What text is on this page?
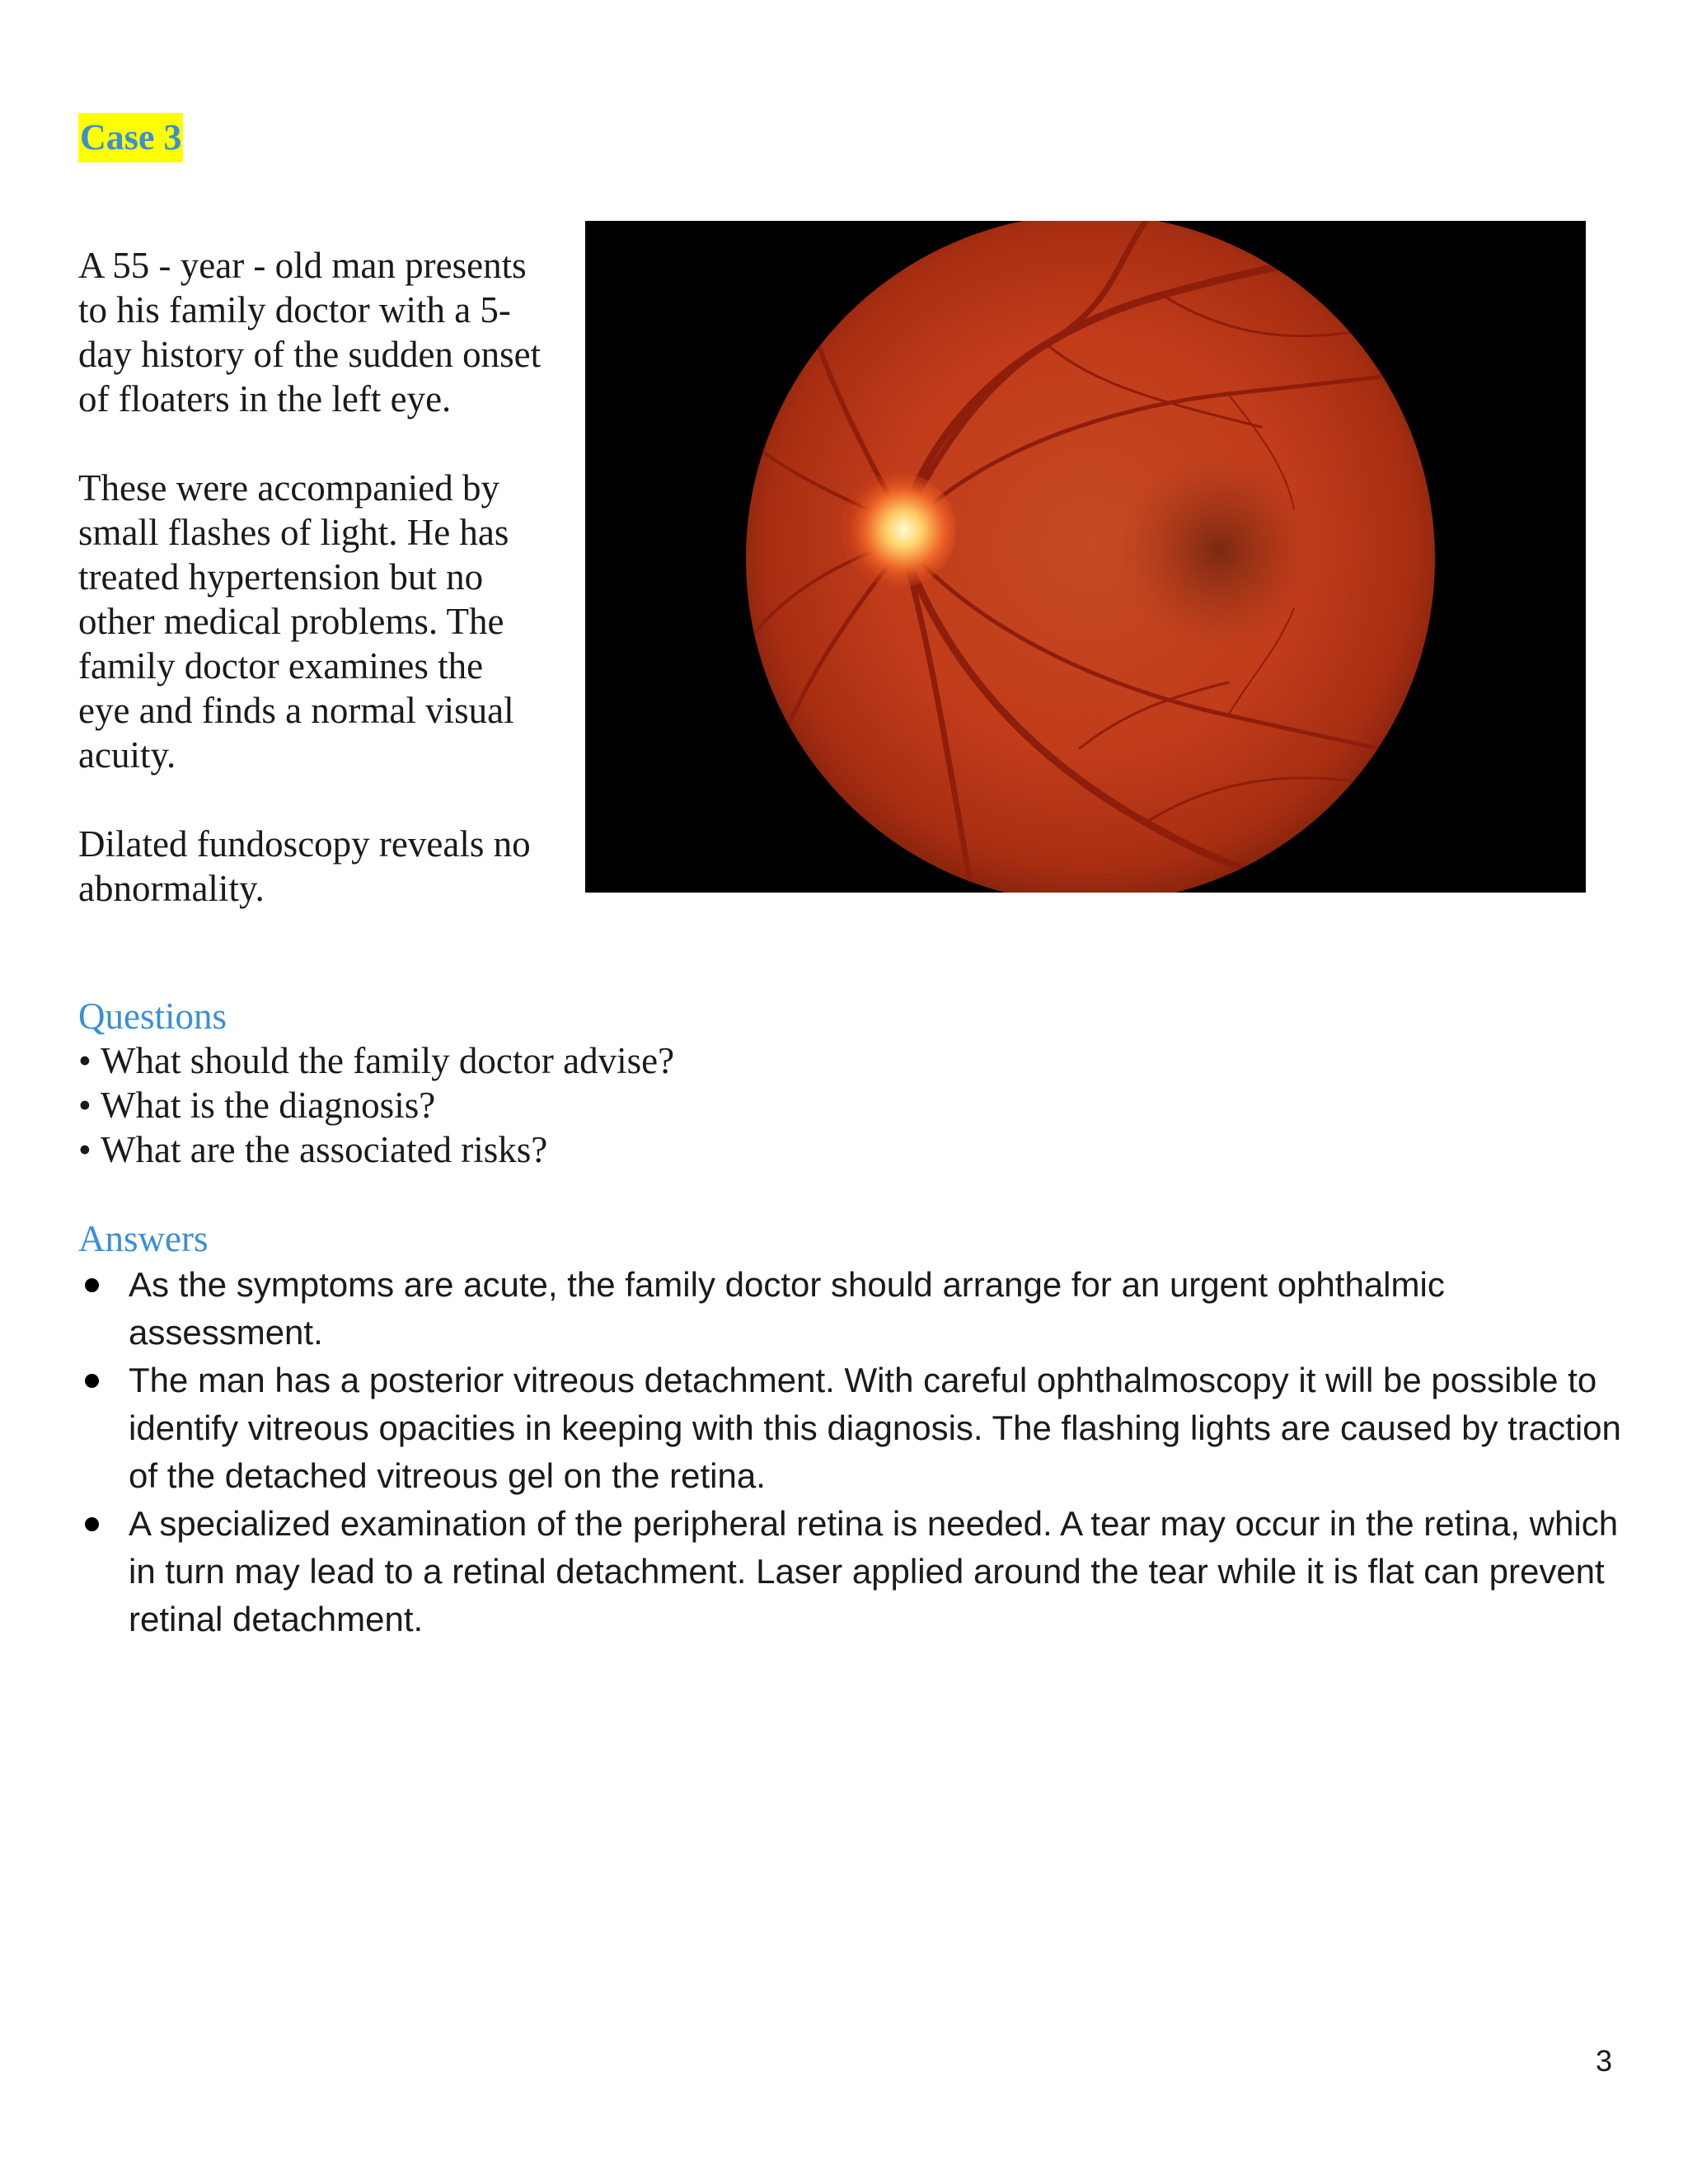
Case 3

A 55 - year - old man presents
to his family doctor with a 5-
day history of the sudden onset
of floaters in the left eye.

These were accompanied by
small flashes of light. He has
treated hypertension but no
other medical problems. The
family doctor examines the
eye and finds a normal visual
acuity.

Dilated fundoscopy reveals no
abnormality.

Questions
• What should the family doctor advise?
• What is the diagnosis?
• What are the associated risks?
Answers
As the symptoms are acute, the family doctor should arrange for an urgent ophthalmic assessment.
The man has a posterior vitreous detachment. With careful ophthalmoscopy it will be possible to identify vitreous opacities in keeping with this diagnosis. The flashing lights are caused by traction of the detached vitreous gel on the retina.
A specialized examination of the peripheral retina is needed. A tear may occur in the retina, which in turn may lead to a retinal detachment. Laser applied around the tear while it is flat can prevent retinal detachment.
3
